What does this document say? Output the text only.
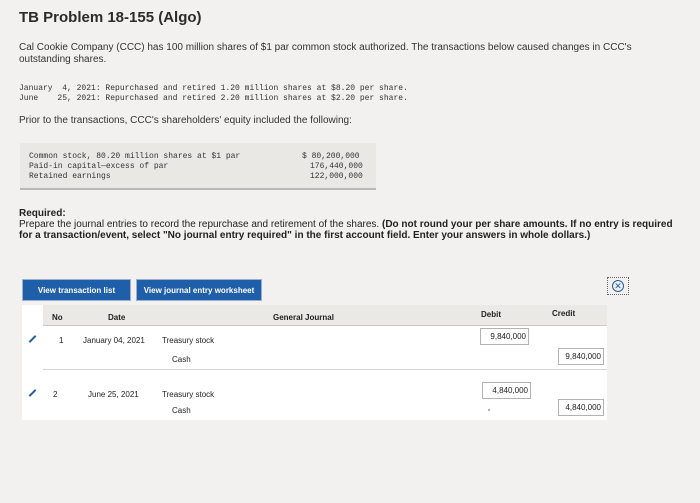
TB Problem 18-155 (Algo)
Cal Cookie Company (CCC) has 100 million shares of $1 par common stock authorized. The transactions below caused changes in CCC's outstanding shares.
January  4, 2021: Repurchased and retired 1.20 million shares at $8.20 per share.
June    25, 2021: Repurchased and retired 2.20 million shares at $2.20 per share.
Prior to the transactions, CCC's shareholders' equity included the following:
Common stock, 80.20 million shares at $1 par	$ 80,200,000
Paid-in capital—excess of par	176,440,000
Retained earnings	122,000,000
Required:
Prepare the journal entries to record the repurchase and retirement of the shares. (Do not round your per share amounts. If no entry is required for a transaction/event, select "No journal entry required" in the first account field. Enter your answers in whole dollars.)
View transaction list	View journal entry worksheet	✕
No	Date	General Journal	Debit	Credit
1 January 04, 2021 Treasury stock	9,840,000
Cash	9,840,000
2	June 25, 2021	Treasury stock	4,840,000
Cash	4,840,000
